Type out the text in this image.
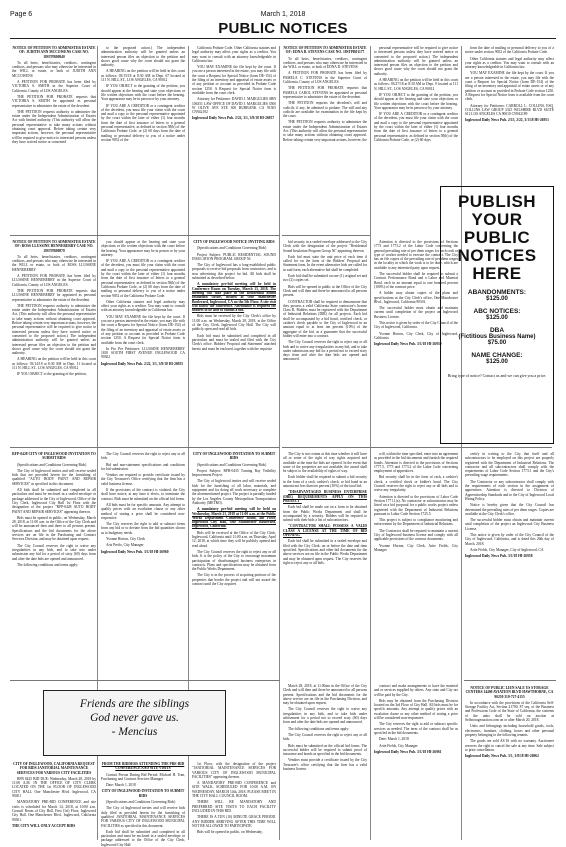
Page 6	March 1, 2018
PUBLIC NOTICES

NOTICE OF PETITION TO ADMINISTER ESTATE OF: JUDITH ANN MCCOWENS CASE NO. 18STPB00940

To all heirs, beneficiaries, creditors, contingent creditors, and persons who may otherwise be interested in the WILL or estate, or both of JUDITH ANN MCCOWENS

A PETITION FOR PROBATE has been filed by VICTORIA S. SMITH in the Superior Court of California, County of LOS ANGELES.

THE PETITION FOR PROBATE requests that VICTORIA S. SMITH be appointed as personal representative to administer the estate of the decedent.

THE PETITION requests authority to administer the estate under the Independent Administration of Estates Act with limited authority. (This authority will allow the personal representative to take many actions without obtaining court approval. Before taking certain very important actions, however, the personal representative will be required to give notice to interested persons unless they have waived notice or consented

to the proposed action.) The independent administration authority will be granted unless an interested person files an objection to the petition and shows good cause why the court should not grant the authority.

A HEARING on the petition will be held in this court as follows: 03/15/18 at 8:30 AM in Dept. 67 located at 111 N. HILL ST., LOS ANGELES, CA 90012

IF YOU OBJECT to the granting of the petition, you should appear at the hearing and state your objections or file written objections with the court before the hearing. Your appearance may be in person or by your attorney.

IF YOU ARE A CREDITOR or a contingent creditor of the decedent, you must file your claim with the court and mail a copy to the personal representative appointed by the court within the later of either (1) four months from the date of first issuance of letters to a general personal representative, as defined in section 58(b) of the California Probate Code, or (2) 60 days from the date of mailing or personal delivery to you of a notice under section 9052 of the

California Probate Code. Other California statutes and legal authority may affect your rights as a creditor. You may want to consult with an attorney knowledgeable in California law.

YOU MAY EXAMINE the file kept by the court. If you are a person interested in the estate, you may file with the court a Request for Special Notice (form DE-154) of the filing of an inventory and appraisal of estate assets or of any petition or account as provided in Probate Code section 1250. A Request for Special Notice form is available from the court clerk.

Attorney for Petitioner: DAVID J. MARGULIES SBN 106351 LAW OFFICE OF DAVID J. MARGULIES 3500 W OLIVE AVE STE 300 BURBANK CA 91505 CN942192

Inglewood Daily News Pub. 2/22, 3/1, 3/8/18 HI-26957

NOTICE OF PETITION TO ADMINISTER ESTATE OF: EDNA D. STEVENS CASE NO. 18STPB01177

To all heirs, beneficiaries, creditors, contingent creditors, and persons who may otherwise be interested in the WILL or estate, or both of EDNA D. STEVENS

A PETITION FOR PROBATE has been filed by PAMELA C. STEVENS in the Superior Court of California, County of LOS ANGELES.

THE PETITION FOR PROBATE requests that PAMELA CAROL STEVENS be appointed as personal representative to administer the estate of the decedent.

THE PETITION requests the decedent's will and codicils, if any, be admitted to probate. The will and any codicils are available for examination in the file kept by the court.

THE PETITION requests authority to administer the estate under the Independent Administration of Estates Act. (This authority will allow the personal representative to take many actions without obtaining court approval. Before taking certain very important actions, however, the

personal representative will be required to give notice to interested persons unless they have waived notice or consented to the proposed action.) The independent administration authority will be granted unless an interested person files an objection to the petition and shows good cause why the court should not grant the authority.

A HEARING on the petition will be held in this court as follows: 03/27/18 at 8:30 AM in Dept. 9 located at 111 N. HILL ST., LOS ANGELES, CA 90012

IF YOU OBJECT to the granting of the petition, you should appear at the hearing and state your objections or file written objections with the court before the hearing. Your appearance may be in person or by your attorney.

IF YOU ARE A CREDITOR or a contingent creditor of the decedent, you must file your claim with the court and mail a copy to the personal representative appointed by the court within the later of either (1) four months from the date of first issuance of letters to a general personal representative, as defined in section 58(b) of the California Probate Code, or (2) 60 days

from the date of mailing or personal delivery to you of a notice under section 9052 of the California Probate Code.

Other California statutes and legal authority may affect your rights as a creditor. You may want to consult with an attorney knowledgeable in California law.

YOU MAY EXAMINE the file kept by the court. If you are a person interested in the estate, you may file with the court a Request for Special Notice (form DE-154) of the filing of an inventory and appraisal of estate assets or of any petition or account as provided in Probate Code section 1250. A Request for Special Notice form is available from the court clerk.

Attorney for Petitioner: CARROLL L. COLLINS, ESQ. COLLINS LAW GROUP 3325 WILSHIRE BLVD SUITE 612 LOS ANGELES CA 90010 CN942189

Inglewood Daily News Pub. 2/15, 2/22, 3/1/18 HI-26951

PUBLISH
YOUR
PUBLIC
NOTICES
HERE
ABANDONMENTS:
$125.00
ABC NOTICES:
$125.00
DBA
(Fictitious Business Name)
$75.00
NAME CHANGE:
$125.00
Bring type of notice? Contact us and we can give you a price.

NOTICE OF PETITION TO ADMINISTER ESTATE OF: ROSS LLUSSINE HENNEBERRY CASE NO. 18STPB00878

To all heirs, beneficiaries, creditors, contingent creditors, and persons who may otherwise be interested in the WILL or estate, or both of ROSS LLUSSINE HENNEBERRY

A PETITION FOR PROBATE has been filed by LLUSSINE HENNEBERRY in the Superior Court of California, County of LOS ANGELES.

THE PETITION FOR PROBATE requests that LLUSSINE HENNEBERRY be appointed as personal representative to administer the estate of the decedent.

THE PETITION requests authority to administer the estate under the Independent Administration of Estates Act. (This authority will allow the personal representative to take many actions without obtaining court approval. Before taking certain very important actions, however, the personal representative will be required to give notice to interested persons unless they have waived notice or consented to the proposed action.) The independent administration authority will be granted unless an interested person files an objection to the petition and shows good cause why the court should not grant the authority.

A HEARING on the petition will be held in this court as follows: 03/14/18 at 8:30 AM in Dept. 11 located at 111 N. HILL ST., LOS ANGELES, CA 90012

IF YOU OBJECT to the granting of the petition,

you should appear at the hearing and state your objections or file written objections with the court before the hearing. Your appearance may be in person or by your attorney.

IF YOU ARE A CREDITOR or a contingent creditor of the decedent, you must file your claim with the court and mail a copy to the personal representative appointed by the court within the later of either (1) four months from the date of first issuance of letters to a general personal representative, as defined in section 58(b) of the California Probate Code, or (2) 60 days from the date of mailing or personal delivery to you of a notice under section 9052 of the California Probate Code.

Other California statutes and legal authority may affect your rights as a creditor. You may want to consult with an attorney knowledgeable in California law.

YOU MAY EXAMINE the file kept by the court. If you are a person interested in the estate, you may file with the court a Request for Special Notice (form DE-154) of the filing of an inventory and appraisal of estate assets or of any petition or account as provided in Probate Code section 1250. A Request for Special Notice form is available from the court clerk.

In Pro Per Petitioner: LLUSSINE HENNEBERRY 1810 SOUTH FIRST AVENUE INGLEWOOD CA 90302

Inglewood Daily News Pub. 2/22, 3/1, 3/8/18 HI-26955

CITY OF INGLEWOOD NOTICE INVITING BIDS

(Specifications and Conditions Governing Bids)

Project Subject: PUBLIC RESIDENTIAL SOUND INSULATION PROGRAM, GROUP 56

The City of Inglewood has a long-established public proposals to receive bid proposals from contractors, and is now advertising this project for bid. All bids shall be submitted as described below.

A mandatory pre-bid meeting will be held in Conference Room on Tuesday, March 13, 2018. The meeting will take place in the Residential Sound Insulation Office, located at One Manchester Boulevard, Inglewood, CA on the 5th Floor. A site visit will follow the conference. Attendance is required for bidders to be able to submit a bid.

Bids must be received by the City Clerk's office by 11:00 a.m. on Wednesday, March 28, 2018, at the Office of the City Clerk, Inglewood City Hall. The City will publicly open and read all bids.

Each bid must be submitted and completed in all particulars and must be sealed and filed with the City Clerk's office. Bidders' Proposal and Statement' attached hereto and must be enclosed, together with the requisite

bid security in a sealed envelope addressed to the City Clerk with the designation of the project "Residential Sound Insulation Program Group 56" appearing thereon.

Each bid must state the unit price of each item if called for on the form of the Bidders' Proposal and Statement form. In the event alternative bids are called for in said form, each alternative bid shall be completed.

Each bid shall be submitted on one (1) original set and two (2) copies set.

Bids will be opened in public at the Office of the City Clerk and will then and there be announced to all persons present.

CONTRACTOR shall be required to demonstrate that they possess a valid California State contractor's license Class B. Bidders must be registered with the Department of Industrial Relations (DIR) for all projects. Each bid shall be accompanied by a bid bond, certified check, or cashier's check payable to the City of Inglewood in an amount equal to at least ten percent (10%) of the aggregate of the bid, as a guarantee that the successful bidder will enter into a contract.

The City Council reserves the right to reject any or all bids and to waive any irregularities in any bid, and to take under submission any bid for a period not to exceed sixty days from and after the date bids are opened and announced.

Attention is directed to the provisions of Sections 1773 and 1773.2 of the Labor Code concerning the general prevailing rate of per diem wages for each craft or type of worker needed to execute the contract. The City has on file copies of the prevailing rate of per diem wages in the locality in which the work is to be done, which are available to any interested party upon request.

The successful bidder shall be required to submit a Contract Performance Bond and a Labor and Material Bond, each in an amount equal to one hundred percent (100%) of the contract price.

A bidder may obtain copies of the plans and specifications at the City Clerk's office, One Manchester Blvd., Inglewood, California 90301.

The successful bidder must obtain and maintain current until completion of the project an Inglewood Business License.

This notice is given by order of the City Council of the City of Inglewood, California.

Yvonne Horton, City Clerk, City of Inglewood, California

Inglewood Daily News Pub. 3/1/18 HI-26959

RFP-0428 CITY OF INGLEWOOD INVITATION TO SUBMIT BIDS

(Specifications and Conditions Governing Bids)

The City of Inglewood invites and will receive sealed bids that are provided herein for the furnishing of qualified "AUTO BODY PAINT AND REPAIR SERVICES" as specified in this document.

All bids shall be submitted and completed in all particulars and must be enclosed in a sealed envelope or package addressed to the City of Inglewood, Office of the City Clerk, Inglewood City Hall 1st Floor with the designation of the project "RFP-0428 AUTO BODY PAINT AND REPAIR SERVICES" appearing thereon.

Bids must be opened in public, on Wednesday, March 28, 2018, at 11:00 a.m. in the Office of the City Clerk and will be announced then and there to all persons present. Specifications and the bid documents for the above services are on file in the Purchasing and Contract Services Division, and may be obtained upon request.

The City Council reserves the right to waive any irregularities in any bids, and to take into under submission any bid for a period of sixty (60) days from and after the date bids are opened and announced.

The following conditions and terms apply:

The City Council reserves the right to reject any or all bids.

Bid and non-statement specifications and conditions for bid submission.

Vendors are required to provide certificate issued by the City Treasurer's Office certifying that the firm has a valid business license.

If the provisions of the contract is violated, the City shall have notice, at any time it elects, to terminate the contract. Bids must be submitted on the official bid forms.

All bids must be for specific amounts. Any attempt to qualify prices with an escalation clause or any other method of stating a price shall be considered non-responsive.

The City reserves the right to add or subtract items from any bid or to deviate from the bid quantities shown as to budgetary needs.

Yvonne Horton, City Clerk

Arts Preifo, City Manager

Inglewood Daily News Pub. 3/1/18 HI-26960

CITY OF INGLEWOOD INVITATION TO SUBMIT BIDS

(Specifications and Conditions Governing Bids)

Project Subject: RFB-0435 Turning Bay Visibility Improvement Project

The City of Inglewood invites and will receive sealed bids for the furnishing of all labor, materials, and equipment and for doing all work necessary to complete the aforementioned project. The project is partially funded by the Los Angeles County Metropolitan Transportation Authority (METRO).

A mandatory pre-bid meeting will be held on Wednesday, March 21, 2018 at 11:00 a.m. at the Public Works Department Conference Room, 4th Floor, Inglewood City Hall, One Manchester Boulevard, Inglewood, California.

Bids will be received at the Office of the City Clerk, Inglewood, California until 11:00 a.m. on Thursday, April 12, 2018, at which time they will be publicly opened and read aloud.

The City Council reserves the right to reject any or all bids. It is the policy of the City to encourage maximum participation of disadvantaged business enterprises in contracts. Plans and specifications may be obtained from the Public Works Department.

The City is in the process of acquiring portions of the properties that border the project and will not award the contract until the City acquires

The City is not certain at this time whether it will have all or some of the right of way rights acquired and available at the time the bids are opened. In the event that some of the properties are not available, the award shall be subject to the availability of rights of way.

Each bidder shall be required to submit a bid security in the form of a cash, cashier's check, or bid bond in an amount not less than ten percent (10%) of the total bid.

"DISADVANTAGED BUSINESS ENTERPRISE (DBE) REQUIREMENTS APPLY ON THIS PROJECT"

Each bid shall be made out on a form to be obtained from the Public Works Department and shall be accompanied by a security. Bidders will be required to submit with their bids a list of subcontractors.

"CONTRACTOR SHALL POSSESS A VALID CLASS A LICENSE AT THE TIME OF BID OPENING"

Each bid shall be submitted in a sealed envelope and filed with the City Clerk, on or before the date and time specified. Specifications and other bid documents for the above services are on file in the Public Works Department and may be obtained upon request. The City reserves the right to reject any or all bids.

will, within the time specified, enter into an agreement as provided in the bid documents and furnish the required bonds. Attention is directed to the provisions of Sections 1777.5, 1773 and 1773.2 of the Labor Code concerning employment of apprentices.

Bid security shall be in the form of cash, a cashier's check, a certified check or bidder's bond. The City Council reserves the right to reject any or all bids and to waive any irregularity.

Attention is directed to the provisions of Labor Code Section 1771.1(a). No contractor or subcontractor may be listed on a bid proposal for a public works project unless registered with the Department of Industrial Relations pursuant to Labor Code Section 1725.5.

This project is subject to compliance monitoring and enforcement by the Department of Industrial Relations.

The Contractor shall be required to maintain a current City of Inglewood business license and comply with all applicable provisions of the contract documents.

Yvonne Horton, City Clerk, Artie Fields, City Manager

certify in writing to the City that itself and all subcontractors to be employed on this project are properly registered with the Department of Industrial Relations. The contractor and all subcontractors shall comply with the requirements of Labor Code Section 1773.1 and the City's prevailing wage requirements.

The Contractor or any subcontractor shall comply with the requirements of each section in the assignment of apprentices. Attention is directed to Division of Apprenticeship Standards and to the City of Inglewood Local Hiring Policy.

Notice is hereby given that the City Council has determined the prevailing rates of per diem wages. Copies are available at the City Clerk's office.

The successful bidder must obtain and maintain current until completion of the project an Inglewood City Business License.

This notice is given by order of the City Council of the City of Inglewood, California, and is dated this 26th day of March, 2018.

Artie Fields, City Manager, City of Inglewood, CA

Inglewood Daily News Pub. 3/1/18 HI-26958

Friends are the siblings
God never gave us.
- Mencius

CITY OF INGLEWOOD, CALIFORNIA REQUEST FOR BIDS JANITORIAL MAINTENANCE SERVICES FOR VARIOUS CITY FACILITIES

RFB 0425 BID DUE: Wednesday, March 28, 2018 by 11:00 A.M. IN THE OFFICE OF CITY CLERK LOCATED ON THE 1st FLOOR OF INGLEWOOD CITY HALL One Manchester Blvd. Inglewood, CA 90301

MANDATORY PRE-BID CONFERENCE and site visits is scheduled for March 14, 2018, at 10:00 a.m. Council Room of City Hall, First (1st) Floor, Inglewood City Hall, One Manchester Blvd., Inglewood, California 90301.

THE CITY WILL ONLY ACCEPT BIDS

FROM THE BIDDERS ATTENDING THE PRE-BID CONFERENCE AND SITE VISITS

Contact Person During Bid Period: Michael H. Tran, Purchasing and Contract Services Manager

Date: March 1, 2018

CITY OF INGLEWOOD INVITATION TO SUBMIT BIDS

(Specifications and Conditions Governing Bids)

The City of Inglewood invites and will receive bids duly filed as provided herein for the furnishing of qualified JANITORIAL MAINTENANCE SERVICES FOR VARIOUS CITY OF INGLEWOOD MUNICIPAL FACILITIES as specified in this document.

Each bid shall be submitted and completed in all particulars and must be enclosed in a sealed envelope or package addressed to the Office of the City Clerk, Inglewood City Hall

1st Floor, with the designation of the project "JANITORIAL MAINTENANCE SERVICES FOR VARIOUS CITY OF INGLEWOOD MUNICIPAL FACILITIES" appearing thereon.

A MANDATORY PRE-BID CONFERENCE and SITE WALK, SCHEDULED FOR 10:00 A.M. ON WEDNESDAY, MARCH 14th, 2018. PLEASE MEET IN THE CITY HALL COUNCIL ROOM.

THERE WILL BE MANDATORY AND PREFERRED SITE VISITS TO EACH FACILITY INCLUDED IN THIS BID.

THERE IS A TEN (10) MINUTE GRACE PERIOD. ANY BIDDER ARRIVING AFTER THIS TIME WILL NOT BE ALLOWED TO PARTICIPATE.

Bids will be opened in public, on Wednesday,

March 28, 2018, at 11:00am in the Office of the City Clerk and will then and there be announced to all persons present. Specifications and the bid documents for the above service are on file in the Purchasing Division, and may be obtained upon request.

The City Council reserves the right to waive any irregularities in any bids, and to take bids under advisement for a period not to exceed sixty (60) days from and after the date bids are opened and announced.

The following conditions and terms apply:

The City Council reserves the right to reject any or all bids.

Bids must be submitted on the official bid forms. The successful bidder will be required to submit proof of insurance and bonds as specified in the bid documents.

Vendors must provide a certificate issued by the City Treasurer's office certifying that the firm has a valid business license.

contract and make arrangements to have the material and or services supplied by others. Any state and City tax will be paid by the City.

Bids may be obtained from the Purchasing Division located on the 3rd Floor of City Hall. All bids must be for specific amounts. Any attempt to qualify prices with an escalation clause or any other method of stating a price will be considered non-responsive.

The City reserves the right to add or subtract specific services as needed. The term of the contract shall be as specified in the bid documents.

Date: March 1, 2018

Artie Fields, City Manager

Inglewood Daily News Pub. 3/1/18 HI-26961

NOTICE OF PUBLIC LIEN SALE US STORAGE CENTERS 14400 AVIATION BLVD HAWTHORNE, CA 90250 310-727-4155

In accordance with the provisions of the California Self-Storage Facility Act, Section 21700, 87 seq. of the Business and Professions Code of the State of California, the contents of the units shall be sold on auction at Selfstorageauction.com on or after March 20, 2018.

Units and belongings including household goods, tools, electronics, furniture, clothing, boxes and other personal property belonging to the following tenants.

The goods are sold AS IS with no warranty. Auctioneer reserves the right to cancel the sale at any time. Sale subject to prior cancellation.

Inglewood Daily News Pub. 3/1, 3/8/18 HI-26962
